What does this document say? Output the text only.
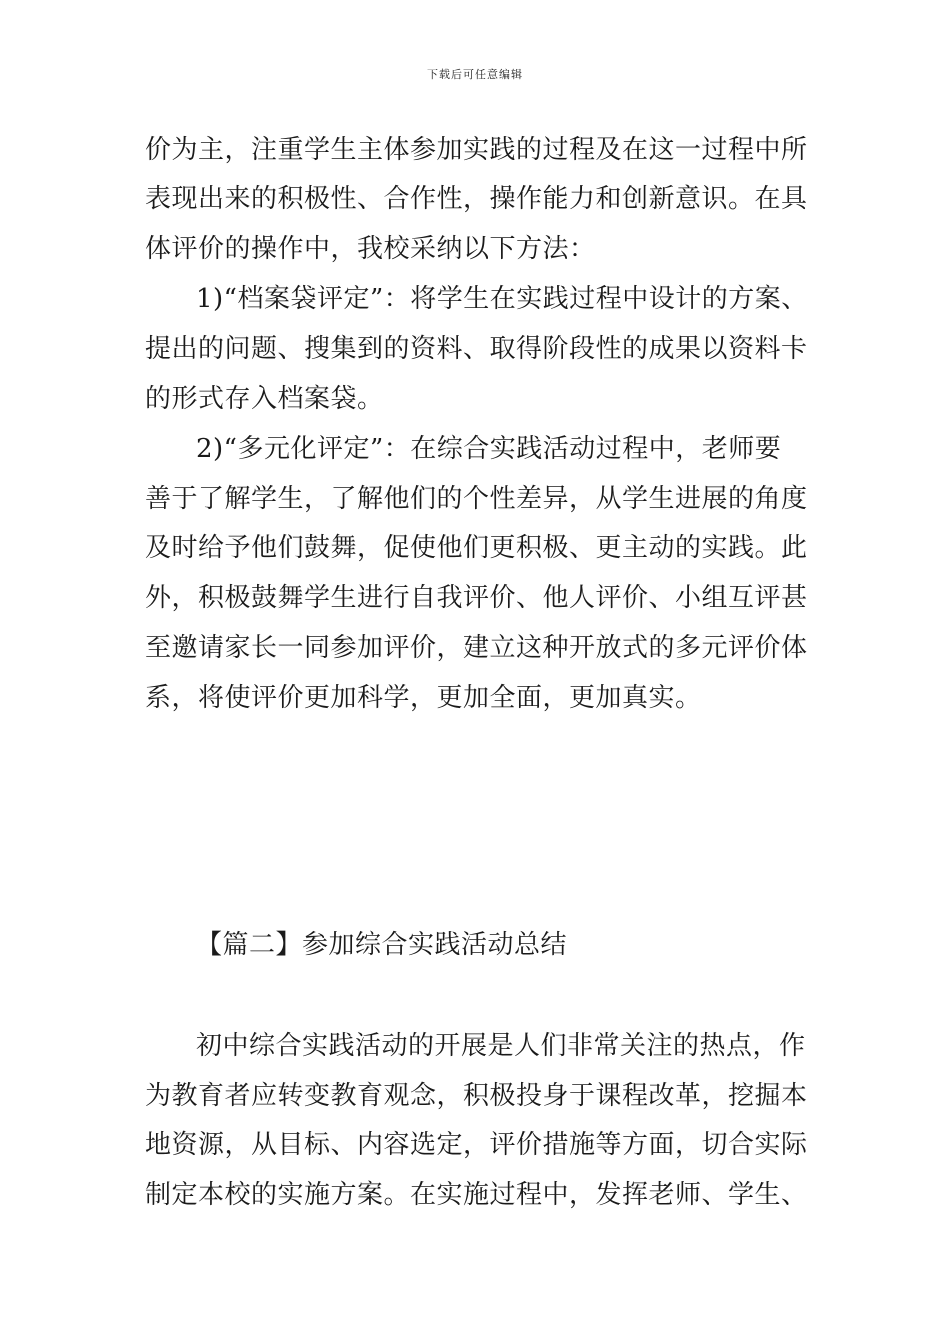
下载后可任意编辑
价为主，注重学生主体参加实践的过程及在这一过程中所
表现出来的积极性、合作性，操作能力和创新意识。在具
体评价的操作中，我校采纳以下方法：
1)“档案袋评定”：将学生在实践过程中设计的方案、
提出的问题、搜集到的资料、取得阶段性的成果以资料卡
的形式存入档案袋。
2)“多元化评定”：在综合实践活动过程中，老师要
善于了解学生，了解他们的个性差异，从学生进展的角度
及时给予他们鼓舞，促使他们更积极、更主动的实践。此
外，积极鼓舞学生进行自我评价、他人评价、小组互评甚
至邀请家长一同参加评价，建立这种开放式的多元评价体
系，将使评价更加科学，更加全面，更加真实。
【篇二】参加综合实践活动总结
初中综合实践活动的开展是人们非常关注的热点，作
为教育者应转变教育观念，积极投身于课程改革，挖掘本
地资源，从目标、内容选定，评价措施等方面，切合实际
制定本校的实施方案。在实施过程中，发挥老师、学生、
